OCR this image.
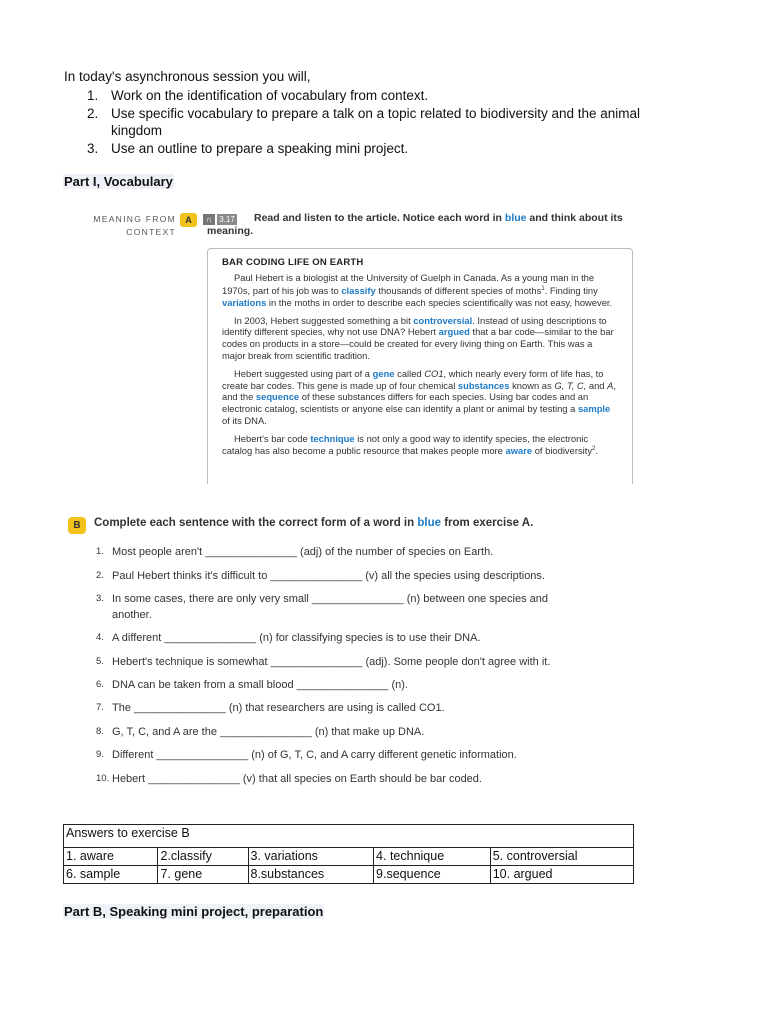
In today's asynchronous session you will,
1. Work on the identification of vocabulary from context.
2. Use specific vocabulary to prepare a talk on a topic related to biodiversity and the animal kingdom
3. Use an outline to prepare a speaking mini project.
Part I, Vocabulary
MEANING FROM
CONTEXT
A	∩ 3.17 Read and listen to the article. Notice each word in blue and think about its
meaning.
BAR CODING LIFE ON EARTH

Paul Hebert is a biologist at the University of Guelph in Canada. As a young man in the 1970s, part of his job was to classify thousands of different species of moths$^1$. Finding tiny variations in the moths in order to describe each species scientifically was not easy, however.

In 2003, Hebert suggested something a bit controversial. Instead of using descriptions to identify different species, why not use DNA? Hebert argued that a bar code—similar to the bar codes on products in a store—could be created for every living thing on Earth. This was a major break from scientific tradition.

Hebert suggested using part of a gene called CO1, which nearly every form of life has, to create bar codes. This gene is made up of four chemical substances known as G, T, C, and A, and the sequence of these substances differs for each species. Using bar codes and an electronic catalog, scientists or anyone else can identify a plant or animal by testing a sample of its DNA.

Hebert's bar code technique is not only a good way to identify species, the electronic catalog has also become a public resource that makes people more aware of biodiversity$^2$.

B	Complete each sentence with the correct form of a word in blue from exercise A.
1. Most people aren't _______________ (adj) of the number of species on Earth.
2. Paul Hebert thinks it's difficult to _______________ (v) all the species using descriptions.
3. In some cases, there are only very small _______________ (n) between one species and another.
4. A different _______________ (n) for classifying species is to use their DNA.
5. Hebert's technique is somewhat _______________ (adj). Some people don't agree with it.
6. DNA can be taken from a small blood _______________ (n).
7. The _______________ (n) that researchers are using is called CO1.
8. G, T, C, and A are the _______________ (n) that make up DNA.
9. Different _______________ (n) of G, T, C, and A carry different genetic information.
10. Hebert _______________ (v) that all species on Earth should be bar coded.
Answers to exercise B				
1. aware	2.classify	3. variations	4. technique	5. controversial
6. sample	7. gene	8.substances	9.sequence	10. argued
Part B, Speaking mini project, preparation
